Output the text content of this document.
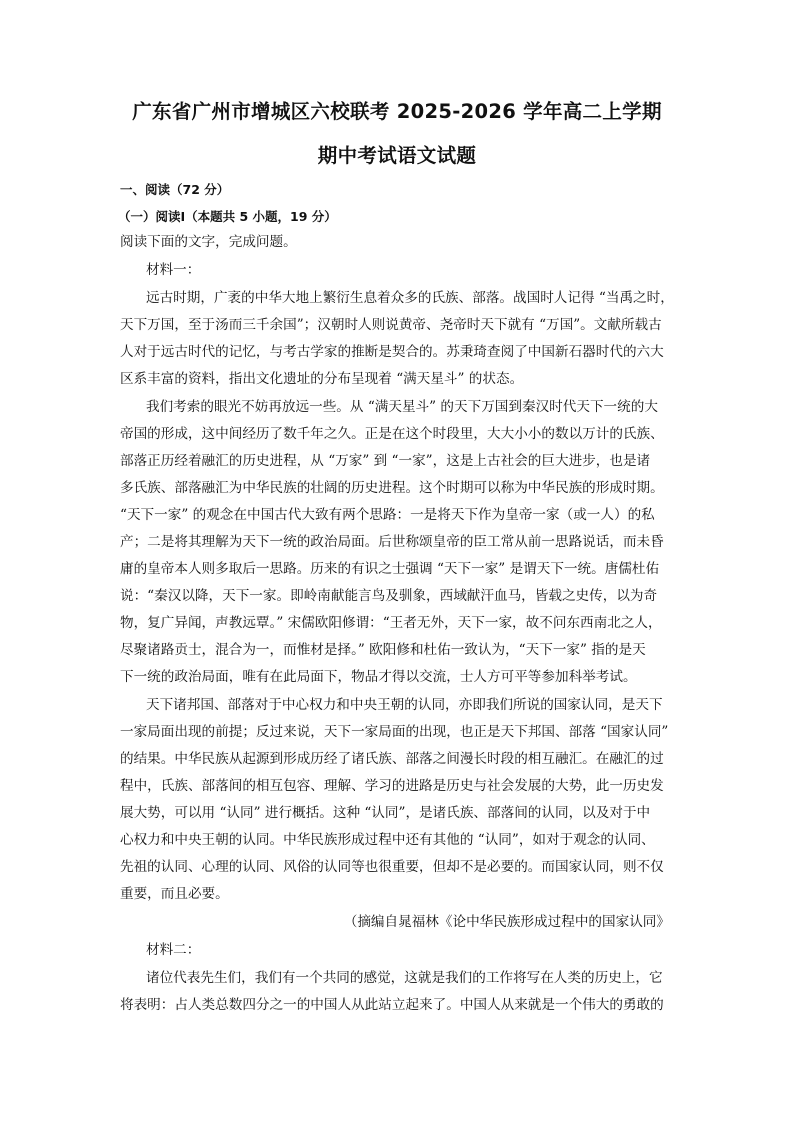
广东省广州市增城区六校联考 2025-2026 学年高二上学期
期中考试语文试题
一、阅读（72 分）
（一）阅读Ⅰ（本题共 5 小题，19 分）
阅读下面的文字，完成问题。
材料一：
远古时期，广袤的中华大地上繁衍生息着众多的氏族、部落。战国时人记得 “当禹之时，
天下万国，至于汤而三千余国”；汉朝时人则说黄帝、尧帝时天下就有 “万国”。文献所载古
人对于远古时代的记忆，与考古学家的推断是契合的。苏秉琦查阅了中国新石器时代的六大
区系丰富的资料，指出文化遗址的分布呈现着 “满天星斗” 的状态。
我们考索的眼光不妨再放远一些。从 “满天星斗” 的天下万国到秦汉时代天下一统的大
帝国的形成，这中间经历了数千年之久。正是在这个时段里，大大小小的数以万计的氏族、
部落正历经着融汇的历史进程，从 “万家” 到 “一家”，这是上古社会的巨大进步，也是诸
多氏族、部落融汇为中华民族的壮阔的历史进程。这个时期可以称为中华民族的形成时期。
“天下一家” 的观念在中国古代大致有两个思路：一是将天下作为皇帝一家（或一人）的私
产；二是将其理解为天下一统的政治局面。后世称颂皇帝的臣工常从前一思路说话，而未昏
庸的皇帝本人则多取后一思路。历来的有识之士强调 “天下一家” 是谓天下一统。唐儒杜佑
说：“秦汉以降，天下一家。即岭南献能言鸟及驯象，西域献汗血马，皆载之史传，以为奇
物，复广异闻，声教远覃。” 宋儒欧阳修谓：“王者无外，天下一家，故不问东西南北之人，
尽聚诸路贡士，混合为一，而惟材是择。” 欧阳修和杜佑一致认为，“天下一家” 指的是天
下一统的政治局面，唯有在此局面下，物品才得以交流，士人方可平等参加科举考试。
天下诸邦国、部落对于中心权力和中央王朝的认同，亦即我们所说的国家认同，是天下
一家局面出现的前提；反过来说，天下一家局面的出现，也正是天下邦国、部落 “国家认同”
的结果。中华民族从起源到形成历经了诸氏族、部落之间漫长时段的相互融汇。在融汇的过
程中，氏族、部落间的相互包容、理解、学习的进路是历史与社会发展的大势，此一历史发
展大势，可以用 “认同” 进行概括。这种 “认同”，是诸氏族、部落间的认同，以及对于中
心权力和中央王朝的认同。中华民族形成过程中还有其他的 “认同”，如对于观念的认同、
先祖的认同、心理的认同、风俗的认同等也很重要，但却不是必要的。而国家认同，则不仅
重要，而且必要。
（摘编自晁福林《论中华民族形成过程中的国家认同》
材料二：
诸位代表先生们，我们有一个共同的感觉，这就是我们的工作将写在人类的历史上，它
将表明：占人类总数四分之一的中国人从此站立起来了。中国人从来就是一个伟大的勇敢的
